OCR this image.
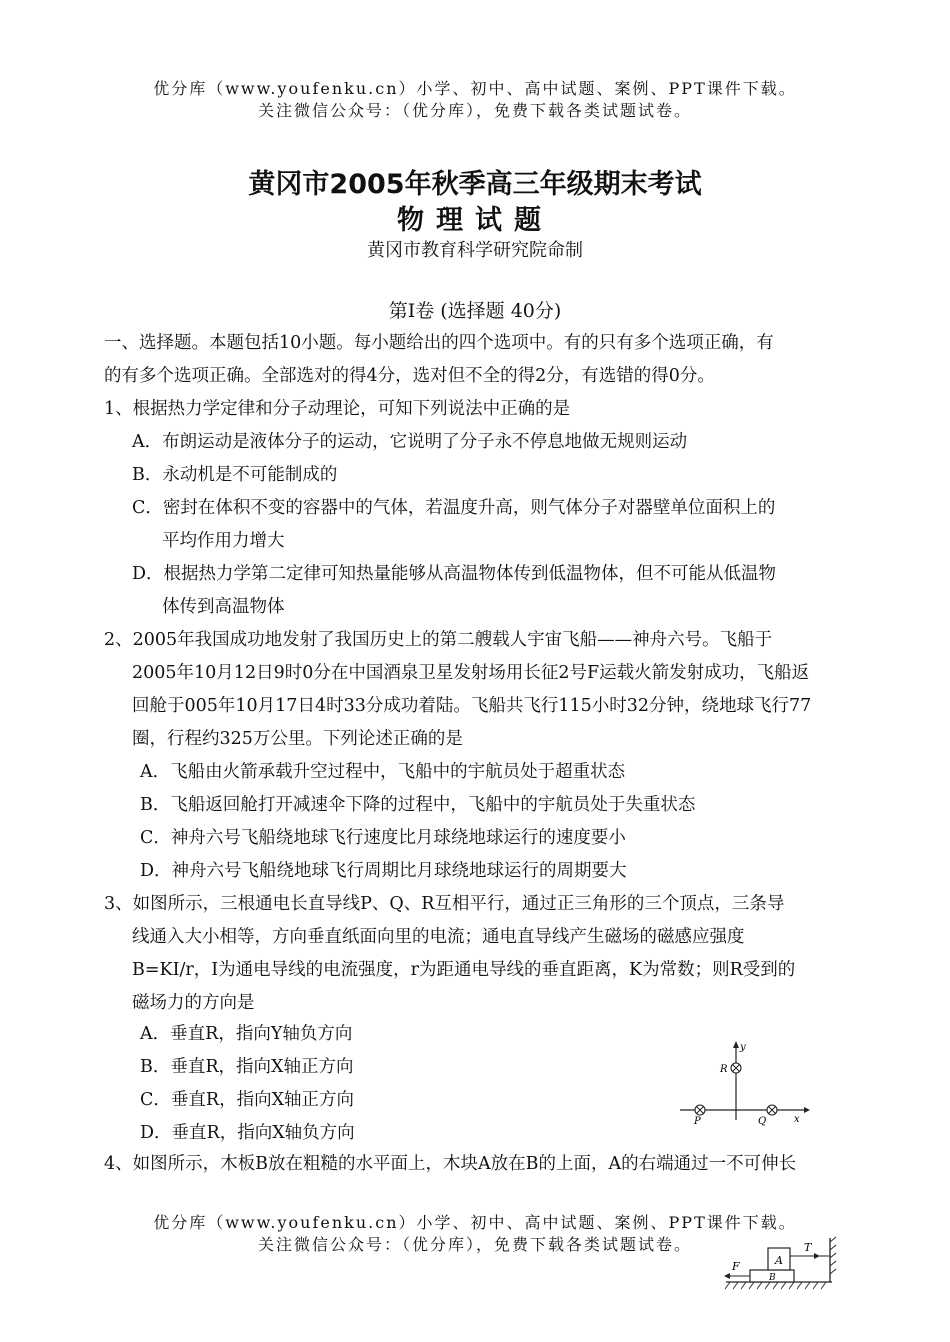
优分库（www.youfenku.cn）小学、初中、高中试题、案例、PPT课件下载。
关注微信公众号：（优分库），免费下载各类试题试卷。
黄冈市2005年秋季高三年级期末考试
物理试题
黄冈市教育科学研究院命制
第Ⅰ卷 (选择题 40分)
一、选择题。本题包括10小题。每小题给出的四个选项中。有的只有多个选项正确，有
的有多个选项正确。全部选对的得4分，选对但不全的得2分，有选错的得0分。
1、根据热力学定律和分子动理论，可知下列说法中正确的是
A．布朗运动是液体分子的运动，它说明了分子永不停息地做无规则运动
B．永动机是不可能制成的
C．密封在体积不变的容器中的气体，若温度升高，则气体分子对器壁单位面积上的
平均作用力增大
D．根据热力学第二定律可知热量能够从高温物体传到低温物体，但不可能从低温物
体传到高温物体
2、2005年我国成功地发射了我国历史上的第二艘载人宇宙飞船——神舟六号。飞船于
2005年10月12日9时0分在中国酒泉卫星发射场用长征2号F运载火箭发射成功，飞船返
回舱于005年10月17日4时33分成功着陆。飞船共飞行115小时32分钟，绕地球飞行77
圈，行程约325万公里。下列论述正确的是
A．飞船由火箭承载升空过程中，飞船中的宇航员处于超重状态
B．飞船返回舱打开减速伞下降的过程中，飞船中的宇航员处于失重状态
C．神舟六号飞船绕地球飞行速度比月球绕地球运行的速度要小
D．神舟六号飞船绕地球飞行周期比月球绕地球运行的周期要大
3、如图所示，三根通电长直导线P、Q、R互相平行，通过正三角形的三个顶点，三条导
线通入大小相等，方向垂直纸面向里的电流；通电直导线产生磁场的磁感应强度
B=KI/r，I为通电导线的电流强度，r为距通电导线的垂直距离，K为常数；则R受到的
磁场力的方向是
A．垂直R，指向Y轴负方向
B．垂直R，指向X轴正方向
C．垂直R，指向X轴正方向
D．垂直R，指向X轴负方向
y
x
R
P	Q
4、如图所示，木板B放在粗糙的水平面上，木块A放在B的上面，A的右端通过一不可伸长
优分库（www.youfenku.cn）小学、初中、高中试题、案例、PPT课件下载。
关注微信公众号：（优分库），免费下载各类试题试卷。
B
A
T
F
